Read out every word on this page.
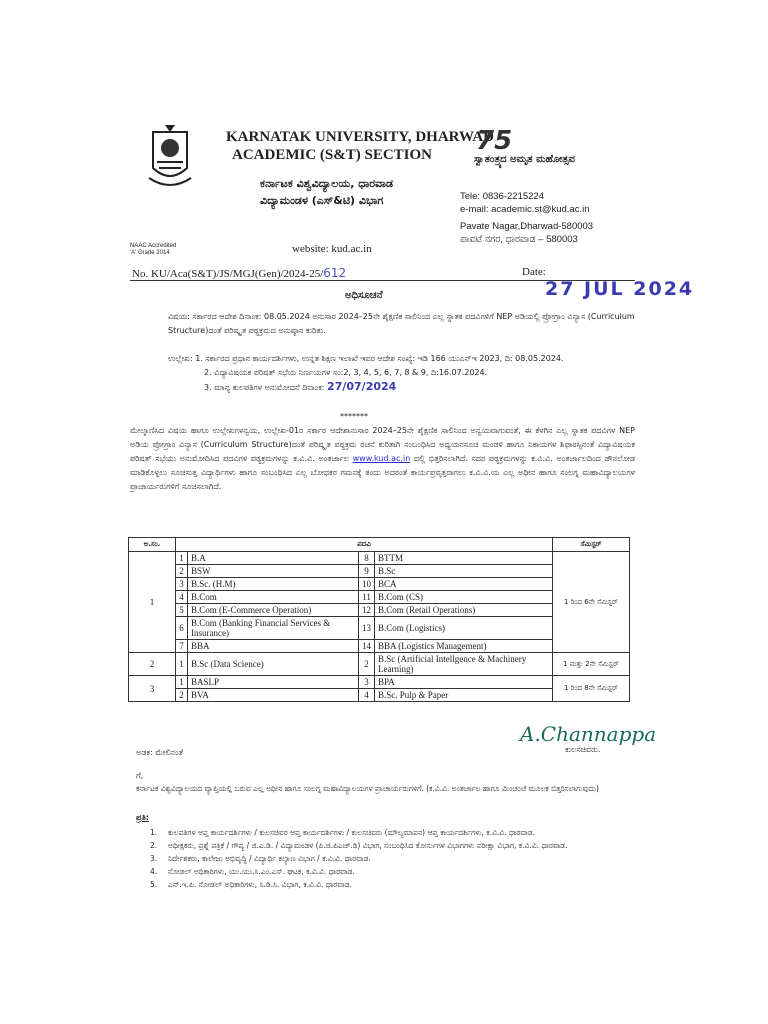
KARNATAK UNIVERSITY, DHARWAD
ACADEMIC (S&T) SECTION
ಕರ್ನಾಟಕ ವಿಶ್ವವಿದ್ಯಾಲಯ, ಧಾರವಾಡ
ವಿದ್ಯಾಮಂಡಳ (ಎಸ್&ಟಿ) ವಿಭಾಗ
75
ಸ್ವಾತಂತ್ರ್ಯದ ಅಮೃತ ಮಹೋತ್ಸವ
Tele: 0836-2215224
e-mail: academic.st@kud.ac.in
Pavate Nagar,Dharwad-580003
ಪಾವಟೆ ನಗರ, ಧಾರವಾಡ – 580003
NAAC Accredited
'A' Grade 2014	website: kud.ac.in
No. KU/Aca(S&T)/JS/MGJ(Gen)/2024-25/612	Date:
27 JUL 2024
ಅಧಿಸೂಚನೆ
ವಿಷಯ: ಸರ್ಕಾರದ ಆದೇಶ ದಿನಾಂಕ: 08.05.2024 ಅನುಸಾರ 2024–25ನೇ ಶೈಕ್ಷಣಿಕ ಸಾಲಿನಿಂದ ಎಲ್ಲ ಸ್ನಾತಕ ಪದವಿಗಳಿಗೆ NEP ಅಡಿಯಲ್ಲಿ ಪ್ರೋಗ್ರಾಂ ವಿನ್ಯಾಸ (Curriculum Structure)ದಂತೆ ಪರಿಷ್ಕೃತ ಪಠ್ಯಕ್ರಮದ ಅನುಷ್ಠಾನ ಕುರಿತು.
ಉಲ್ಲೇಖ: 1. ಸರ್ಕಾರದ ಪ್ರಧಾನ ಕಾರ್ಯದರ್ಶಿಗಳು, ಉನ್ನತ ಶಿಕ್ಷಣ ಇಲಾಖೆ ಇವರ ಆದೇಶ ಸಂಖ್ಯೆ: ಇಡಿ 166 ಯುಎನ್‌ಇ 2023, ದಿ: 08.05.2024.
2. ವಿದ್ಯಾವಿಷಯಕ ಪರಿಷತ್ ಸಭೆಯ ನಿರ್ಣಯಗಳ ಸಂ:2, 3, 4, 5, 6, 7, 8 & 9, ದಿ:16.07.2024.
3. ಮಾನ್ಯ ಕುಲಪತಿಗಳ ಅನುಮೋದನೆ ದಿನಾಂಕ: 27/07/2024
*******
ಮೇಲ್ಕಾಣಿಸಿದ ವಿಷಯ ಹಾಗೂ ಉಲ್ಲೇಖಗಳನ್ವಯ, ಉಲ್ಲೇಖ-01ರ ಸರ್ಕಾರ ಆದೇಶಾನುಸಾರ 2024–25ನೇ ಶೈಕ್ಷಣಿಕ ಸಾಲಿನಿಂದ ಅನ್ವಯವಾಗುವಂತೆ, ಈ ಕೆಳಗಿನ ಎಲ್ಲ ಸ್ನಾತಕ ಪದವಿಗಳ NEP ಅಡಿಯ ಪ್ರೋಗ್ರಾಂ ವಿನ್ಯಾಸ (Curriculum Structure)ದಂತೆ ಪರಿಷ್ಕೃತ ಪಠ್ಯಕ್ರಮ ರಚನೆ ಕುರಿತಾಗಿ ಸಂಬಂಧಿಸಿದ ಅಧ್ಯಯನಸೂಚಿ ಮಂಡಳಿ ಹಾಗೂ ನಿಕಾಯಗಳ ಶಿಫಾರಸ್ಸಿನಂತೆ ವಿದ್ಯಾವಿಷಯಕ ಪರಿಷತ್ ಸಭೆಯು ಅನುಮೋದಿಸಿದ ಪದವಿಗಳ ಪಠ್ಯಕ್ರಮಗಳನ್ನು ಕ.ವಿ.ವಿ. ಅಂತರ್ಜಾಲ www.kud.ac.in ದಲ್ಲಿ ಭಿತ್ತರಿಸಲಾಗಿದೆ. ಸದರ ಪಠ್ಯಕ್ರಮಗಳನ್ನು ಕ.ವಿ.ವಿ. ಅಂತರ್ಜಾಲದಿಂದ ಡೌನಲೋಡ ಮಾಡಿಕೊಳ್ಳಲು ಸೂಚಿಸುತ್ತ ವಿದ್ಯಾರ್ಥಿಗಳು ಹಾಗೂ ಸಂಬಂಧಿಸಿದ ಎಲ್ಲ ಬೋಧಕರ ಗಮನಕ್ಕೆ ತಂದು ಅದರಂತೆ ಕಾರ್ಯಪ್ರವೃತ್ತರಾಗಲು ಕ.ವಿ.ವಿ.ಯ ಎಲ್ಲ ಅಧೀನ ಹಾಗೂ ಸಂಲಗ್ನ ಮಹಾವಿದ್ಯಾಲಯಗಳ ಪ್ರಾಚಾರ್ಯರುಗಳಿಗೆ ಸೂಚಿಸಲಾಗಿದೆ.
ಅ.ಸಂ.	ಪದವಿ				ಸೆಮಿಸ್ಟರ್
1	1	B.A	8	BTTM	1 ರಿಂದ 6ನೇ ಸೆಮಿಸ್ಟರ್
	2	BSW	9	B.Sc	
	3	B.Sc. (H.M)	10	BCA	
	4	B.Com	11	B.Com (CS)	
	5	B.Com (E-Commerce Operation)	12	B.Com (Retail Operations)	
	6	B.Com (Banking Financial Services & Insurance)	13	B.Com (Logistics)	
	7	BBA	14	BBA (Logistics Management)	
2	1	B.Sc (Data Science)	2	B.Sc (Artificial Intellgence & Machinery Learning)	1 ಮತ್ತು 2ನೇ ಸೆಮಿಸ್ಟರ್
3	1	BASLP	3	BPA	1 ರಿಂದ 8ನೇ ಸೆಮಿಸ್ಟರ್
	2	BVA	4	B.Sc. Pulp & Paper	
A.Channappa
ಕುಲಸಚಿವರು.
ಅಡಕ: ಮೇಲಿನಂತೆ
ಗೆ,
ಕರ್ನಾಟಕ ವಿಶ್ವವಿದ್ಯಾಲಯದ ವ್ಯಾಪ್ತಿಯಲ್ಲಿ ಬರುವ ಎಲ್ಲ ಅಧೀನ ಹಾಗೂ ಸಂಲಗ್ನ ಮಹಾವಿದ್ಯಾಲಯಗಳ ಪ್ರಾಚಾರ್ಯರುಗಳಿಗೆ. (ಕ.ವಿ.ವಿ. ಅಂತರ್ಜಾಲ ಹಾಗೂ ಮಿಂಚಂಚೆ ಮೂಲಕ ಬಿತ್ತರಿಸಲಾಗುವುದು)
ಪ್ರತಿ:
1.	ಕುಲಪತಿಗಳ ಆಪ್ತ ಕಾರ್ಯದರ್ಶಿಗಳು / ಕುಲಸಚಿವರ ಆಪ್ತ ಕಾರ್ಯದರ್ಶಿಗಳು / ಕುಲಸಚಿವರು (ಮೌಲ್ಯಮಾಪನ) ಆಪ್ತ ಕಾರ್ಯದರ್ಶಿಗಳು, ಕ.ವಿ.ವಿ. ಧಾರವಾಡ.
2.	ಅಧೀಕ್ಷಕರು, ಪ್ರಶ್ನೆ ಪತ್ರಿಕೆ / ಗೌಪ್ಯ / ಜಿ.ಎ.ಡಿ. / ವಿದ್ಯಾಮಂಡಳ (ಪಿ.ಜಿ.ಪಿಎಚ್.ಡಿ) ವಿಭಾಗ, ಸಂಬಂಧಿಸಿದ ಕೋರ್ಸುಗಳ ವಿಭಾಗಗಳು ಪರೀಕ್ಷಾ ವಿಭಾಗ, ಕ.ವಿ.ವಿ. ಧಾರವಾಡ.
3.	ನಿರ್ದೇಶಕರು, ಕಾಲೇಜು ಅಭಿವೃದ್ಧಿ / ವಿದ್ಯಾರ್ಥಿ ಕಲ್ಯಾಣ ವಿಭಾಗ / ಕ.ವಿ.ವಿ. ಧಾರವಾಡ.
4.	ನೋಡಲ್ ಅಧಿಕಾರಿಗಳು, ಯು.ಯು.ಸಿ.ಎಂ.ಎಸ್. ಘಟಕ, ಕ.ವಿ.ವಿ. ಧಾರವಾಡ.
5.	ಎನ್.ಇ.ಪಿ. ನೋಡಲ್ ಅಧಿಕಾರಿಗಳು, ಸಿ.ಡಿ.ಸಿ. ವಿಭಾಗ, ಕ.ವಿ.ವಿ. ಧಾರವಾಡ.
